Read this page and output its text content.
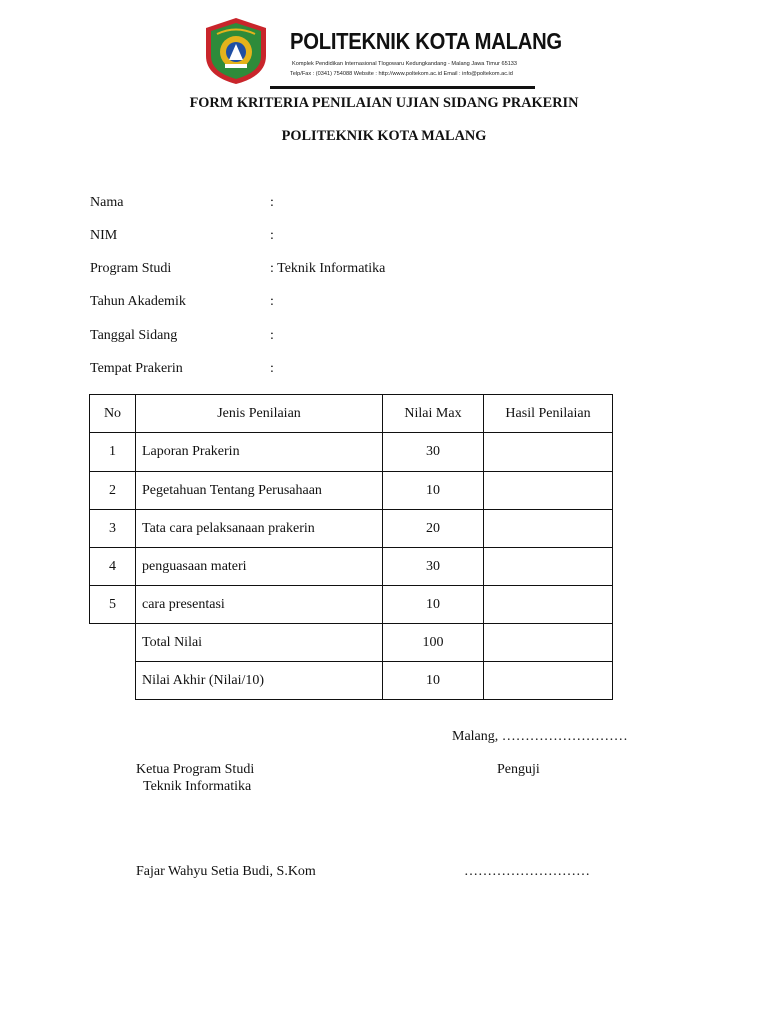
POLITEKNIK KOTA MALANG
Komplek Pendidikan Internasional Tlogowaru Kedungkandang - Malang Jawa Timur 65133
Telp/Fax : (0341) 754088 Website : http://www.poltekom.ac.id Email : info@poltekom.ac.id
FORM KRITERIA PENILAIAN UJIAN SIDANG PRAKERIN
POLITEKNIK KOTA MALANG
Nama	:
NIM	:
Program Studi	: Teknik Informatika
Tahun Akademik	:
Tanggal Sidang	:
Tempat Prakerin	:
No	Jenis Penilaian	Nilai Max	Hasil Penilaian
1	Laporan Prakerin	30	
2	Pegetahuan Tentang Perusahaan	10	
3	Tata cara pelaksanaan prakerin	20	
4	penguasaan materi	30	
5	cara presentasi	10	
	Total Nilai	100	
	Nilai Akhir (Nilai/10)	10	
Malang, ………………………
Ketua Program Studi
Teknik Informatika
Penguji
Fajar Wahyu Setia Budi, S.Kom	………………………
